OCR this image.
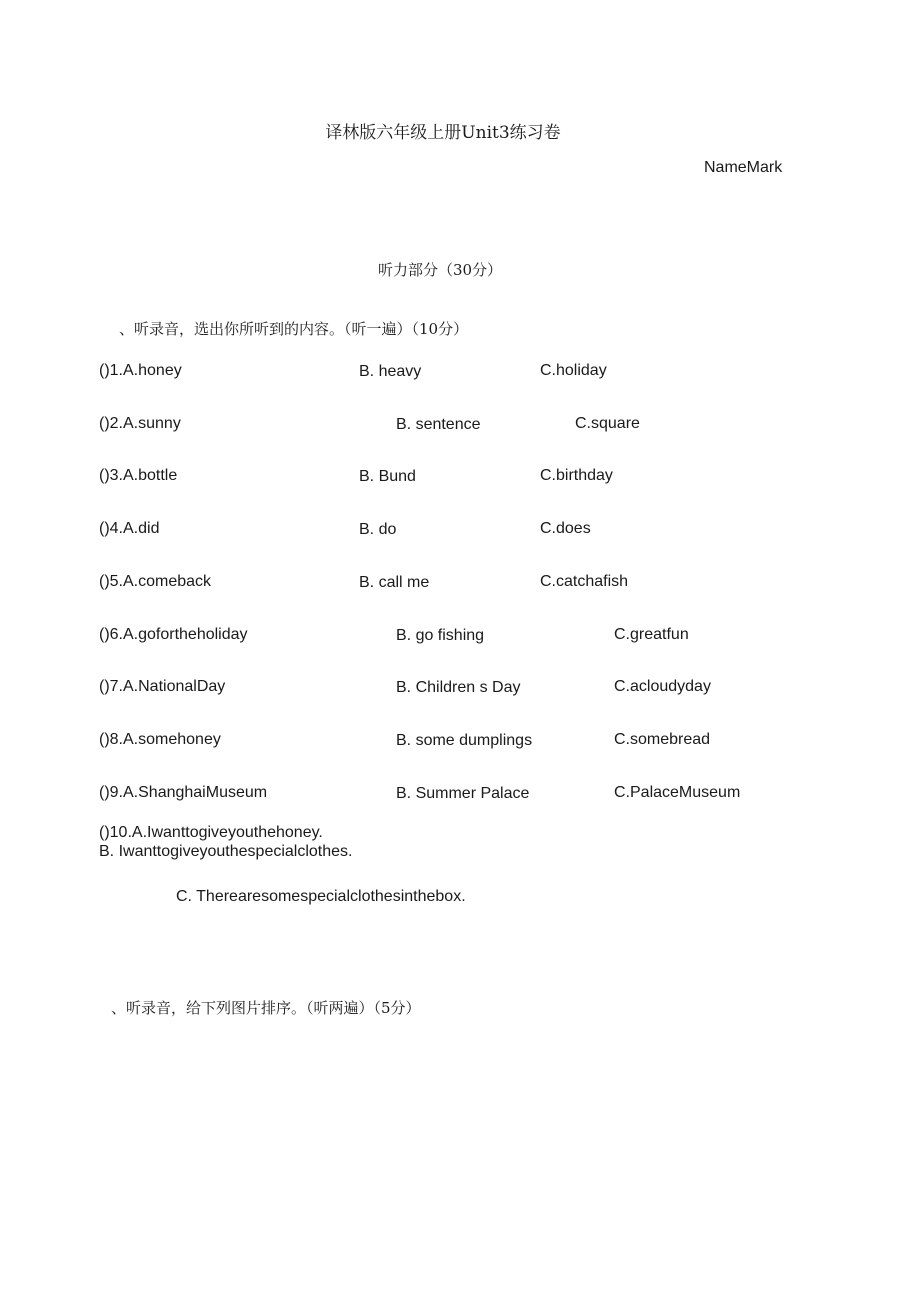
译林版六年级上册Unit3练习卷
NameMark
听力部分（30分）
、听录音，选出你所听到的内容。（听一遍）（10分）
()1.A.honey	B. heavy	C.holiday
()2.A.sunny	B. sentence	C.square
()3.A.bottle	B. Bund	C.birthday
()4.A.did	B. do	C.does
()5.A.comeback	B. call me	C.catchafish
()6.A.gofortheholiday	B. go fishing	C.greatfun
()7.A.NationalDay	B. Children s Day	C.acloudyday
()8.A.somehoney	B. some dumplings	C.somebread
()9.A.ShanghaiMuseum	B. Summer Palace	C.PalaceMuseum
()10.A.Iwanttogiveyouthehoney.
B. Iwanttogiveyouthespecialclothes.
C. Therearesomespecialclothesinthebox.
、听录音，给下列图片排序。（听两遍）（5分）
